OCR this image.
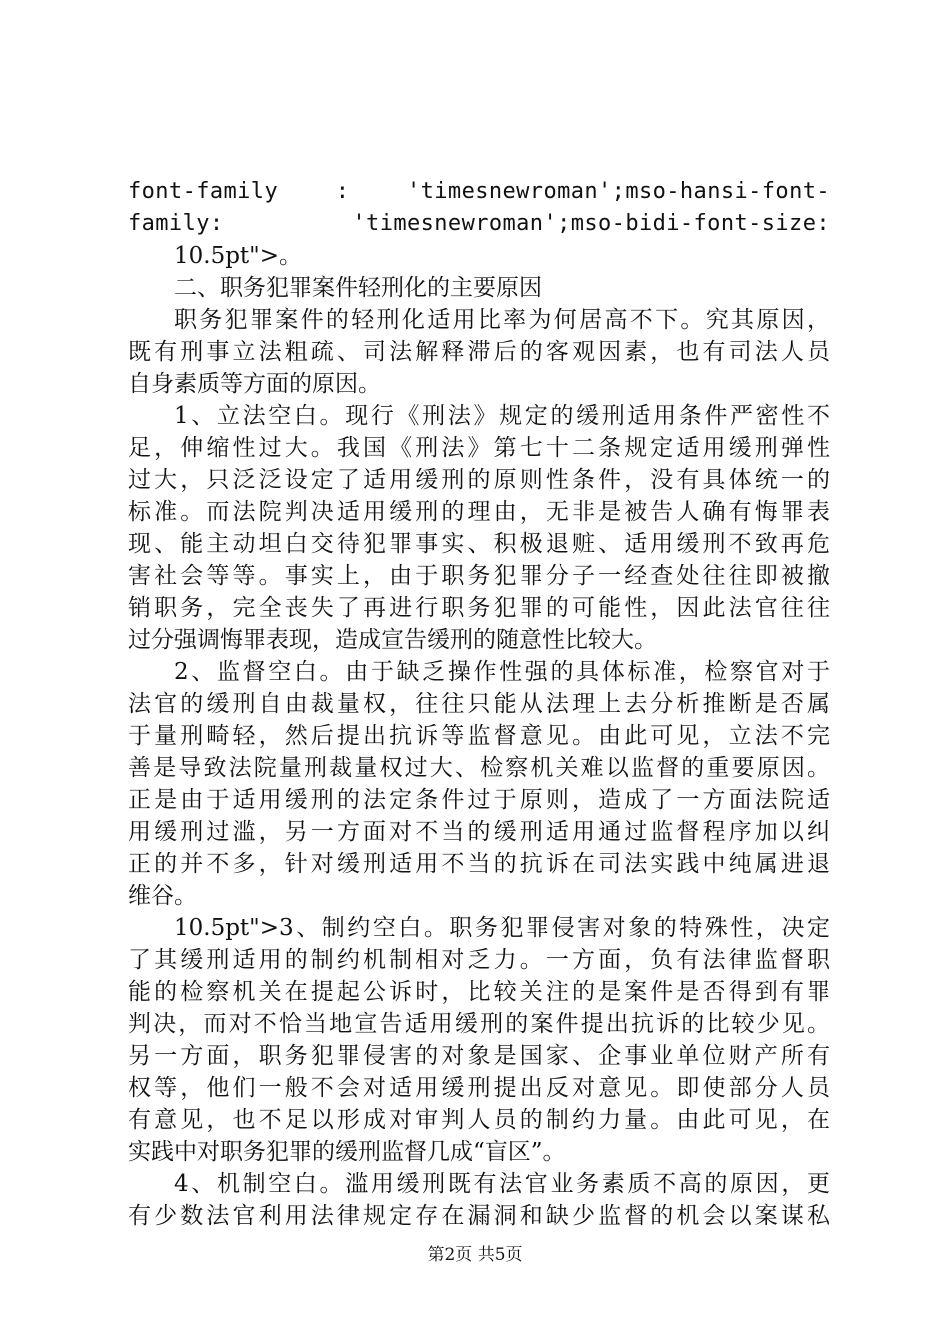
font-family : 'timesnewroman';mso-hansi-font-
family: 'timesnewroman';mso-bidi-font-size:
10.5pt">。
二、职务犯罪案件轻刑化的主要原因
职务犯罪案件的轻刑化适用比率为何居高不下。究其原因，
既有刑事立法粗疏、司法解释滞后的客观因素，也有司法人员
自身素质等方面的原因。
1、立法空白。现行《刑法》规定的缓刑适用条件严密性不
足，伸缩性过大。我国《刑法》第七十二条规定适用缓刑弹性
过大，只泛泛设定了适用缓刑的原则性条件，没有具体统一的
标准。而法院判决适用缓刑的理由，无非是被告人确有悔罪表
现、能主动坦白交待犯罪事实、积极退赃、适用缓刑不致再危
害社会等等。事实上，由于职务犯罪分子一经查处往往即被撤
销职务，完全丧失了再进行职务犯罪的可能性，因此法官往往
过分强调悔罪表现，造成宣告缓刑的随意性比较大。
2、监督空白。由于缺乏操作性强的具体标准，检察官对于
法官的缓刑自由裁量权，往往只能从法理上去分析推断是否属
于量刑畸轻，然后提出抗诉等监督意见。由此可见，立法不完
善是导致法院量刑裁量权过大、检察机关难以监督的重要原因。
正是由于适用缓刑的法定条件过于原则，造成了一方面法院适
用缓刑过滥，另一方面对不当的缓刑适用通过监督程序加以纠
正的并不多，针对缓刑适用不当的抗诉在司法实践中纯属进退
维谷。
10.5pt">3、制约空白。职务犯罪侵害对象的特殊性，决定
了其缓刑适用的制约机制相对乏力。一方面，负有法律监督职
能的检察机关在提起公诉时，比较关注的是案件是否得到有罪
判决，而对不恰当地宣告适用缓刑的案件提出抗诉的比较少见。
另一方面，职务犯罪侵害的对象是国家、企事业单位财产所有
权等，他们一般不会对适用缓刑提出反对意见。即使部分人员
有意见，也不足以形成对审判人员的制约力量。由此可见，在
实践中对职务犯罪的缓刑监督几成“盲区”。
4、机制空白。滥用缓刑既有法官业务素质不高的原因，更
有少数法官利用法律规定存在漏洞和缺少监督的机会以案谋私
第2页 共5页
